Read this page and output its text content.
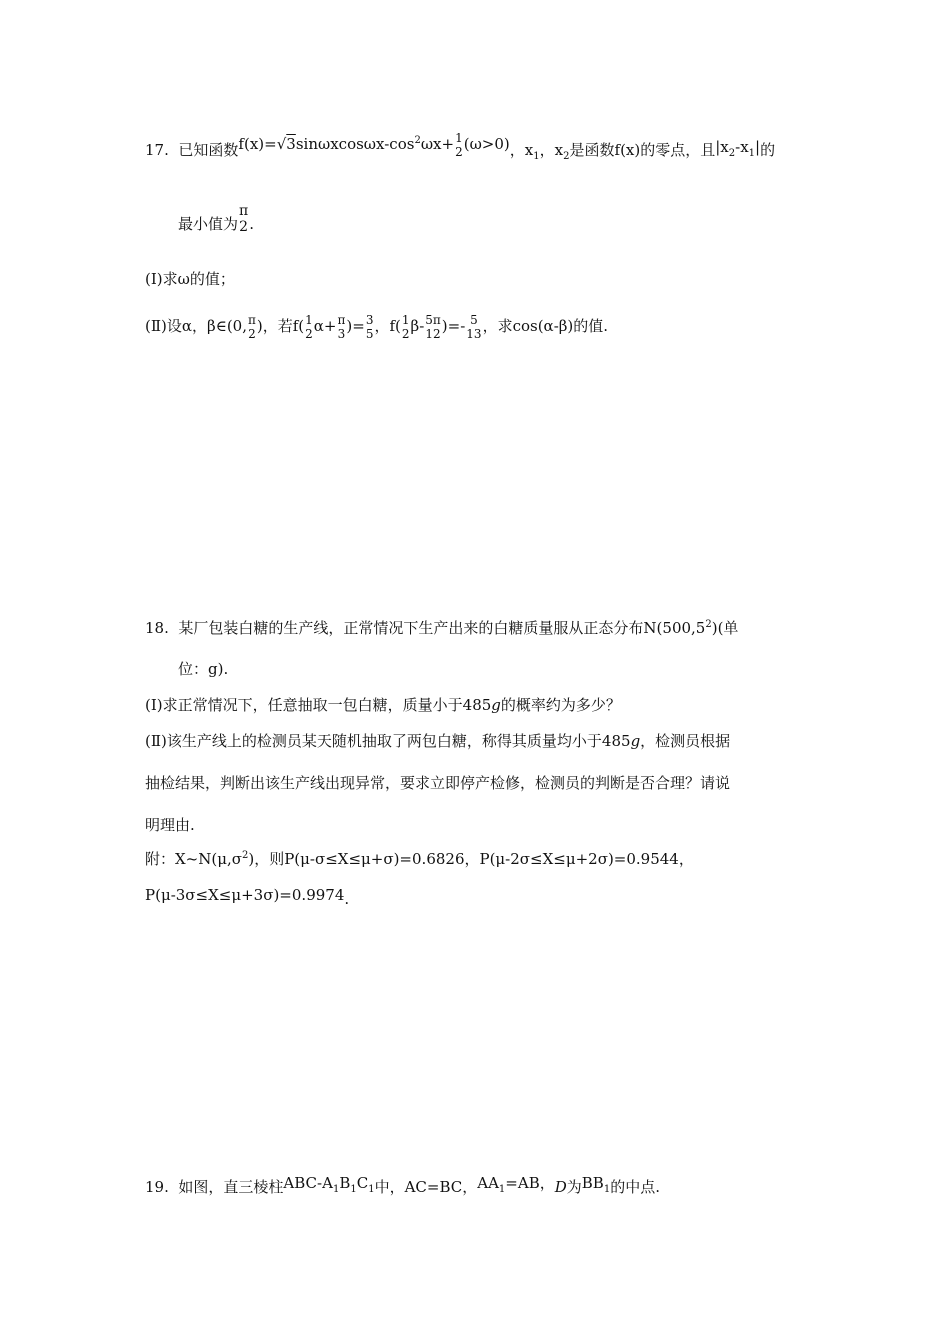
17. 已知函数$f(x)=√3\sin\omega xcos\omega x-\cos^2\omega x+ 1$
2 (ω>0)，$x_1$，$x_2$是函数f(x)的零点，且$|x_2-x_1|$的
最小值为
π
2 .
(Ⅰ)求ω的值；
(Ⅱ)设α，β∈(0, π
2 )，若f( 1
2 α+ π
3 )= 3
5 ，f( 1
2 β- 5π
12 )=- 5
13 ，求cos(α-β)的值.
18. 某厂包装白糖的生产线，正常情况下生产出来的白糖质量服从正态分布N(500,5$^2$)(单
位：g).
(Ⅰ)求正常情况下，任意抽取一包白糖，质量小于485g的概率约为多少？
(Ⅱ)该生产线上的检测员某天随机抽取了两包白糖，称得其质量均小于485g，检测员根据
抽检结果，判断出该生产线出现异常，要求立即停产检修，检测员的判断是否合理？请说
明理由.
附：$X\sim N(\mu,\sigma^2)$，则P(μ-σ≤X≤μ+σ)=0.6826，P(μ-2σ≤X≤μ+2σ)=0.9544，
P(μ-3σ≤X≤μ+3σ)=0.9974.
19. 如图，直三棱柱ABC-$A_1B_1C_1$中，AC=BC，$AA_1=AB$，D为$BB_1$的中点.
